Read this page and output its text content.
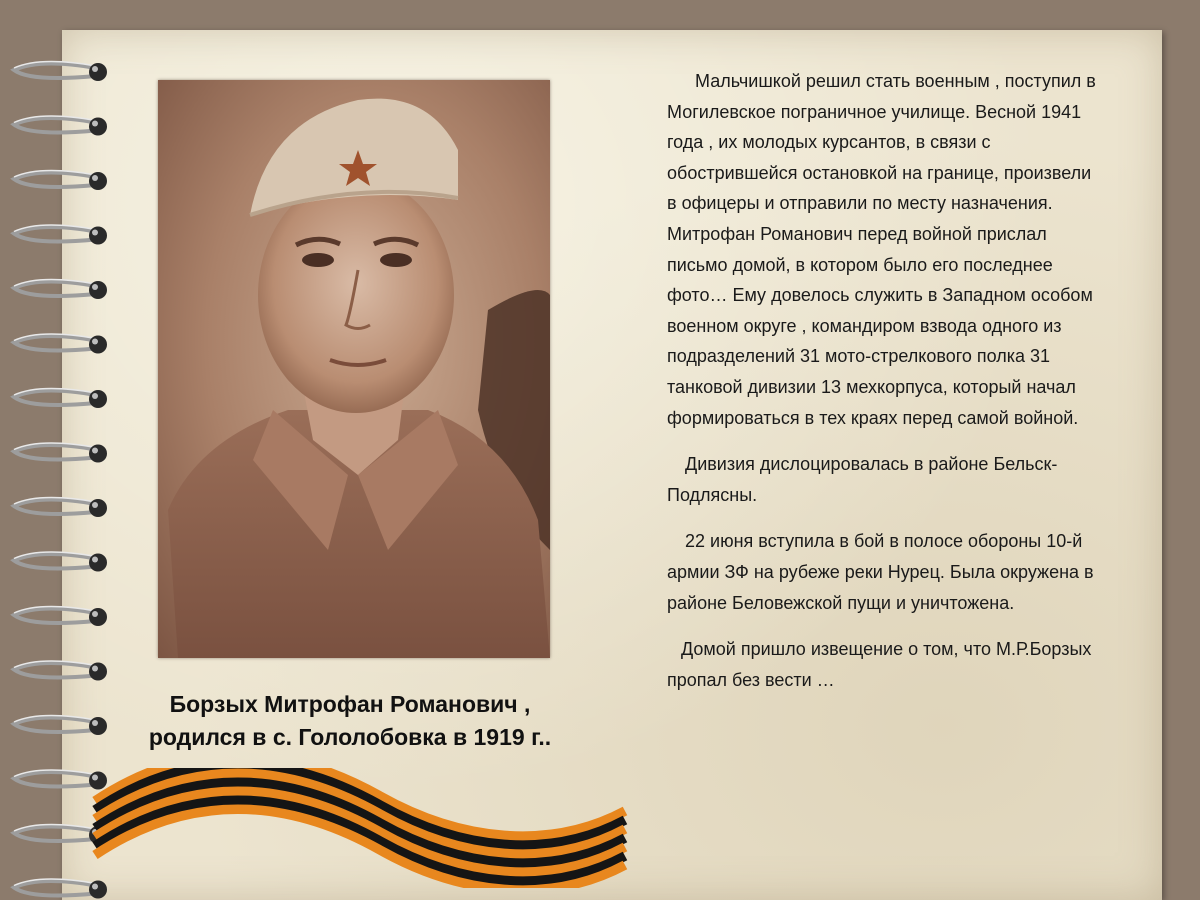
Борзых Митрофан Романович ,
родился в с. Гололобовка в 1919 г..

Мальчишкой решил стать военным , поступил в Могилевское пограничное училище. Весной 1941 года , их молодых курсантов, в связи с обострившейся остановкой на границе, произвели в офицеры и отправили по месту назначения. Митрофан Романович перед войной прислал письмо домой, в котором было его последнее фото… Ему довелось служить в Западном особом военном округе , командиром взвода одного из подразделений 31 мото-стрелкового полка 31 танковой дивизии 13 мехкорпуса, который начал формироваться в тех краях перед самой войной.

Дивизия дислоцировалась в районе Бельск-Подлясны.

22 июня вступила в бой в полосе обороны 10-й армии ЗФ на рубеже реки Нурец. Была окружена в районе Беловежской пущи и уничтожена.

Домой пришло извещение о том, что М.Р.Борзых пропал без вести …
